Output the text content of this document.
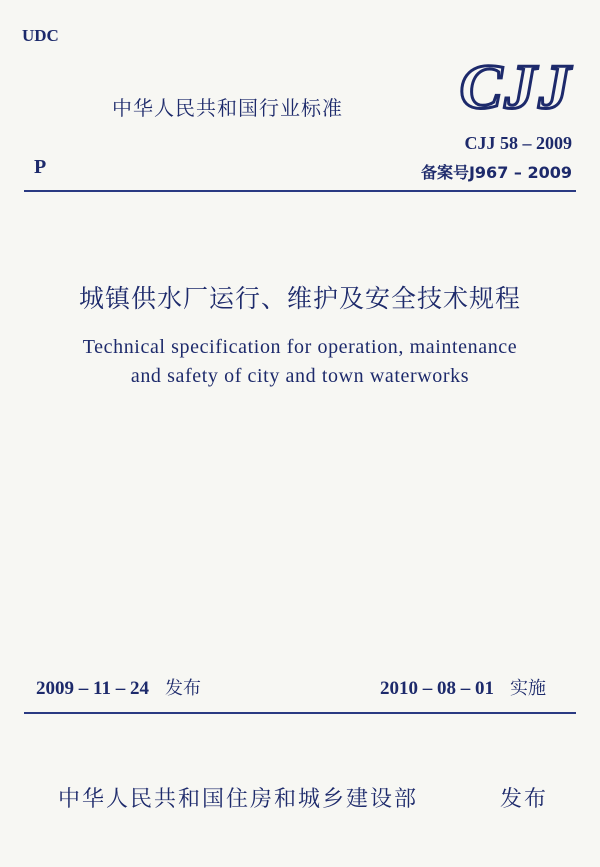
UDC
中华人民共和国行业标准 CJJ
P
CJJ 58 – 2009
备案号J967 – 2009
城镇供水厂运行、维护及安全技术规程
Technical specification for operation, maintenance
and safety of city and town waterworks
2009 – 11 – 24 发布	2010 – 08 – 01 实施
中华人民共和国住房和城乡建设部	发布
